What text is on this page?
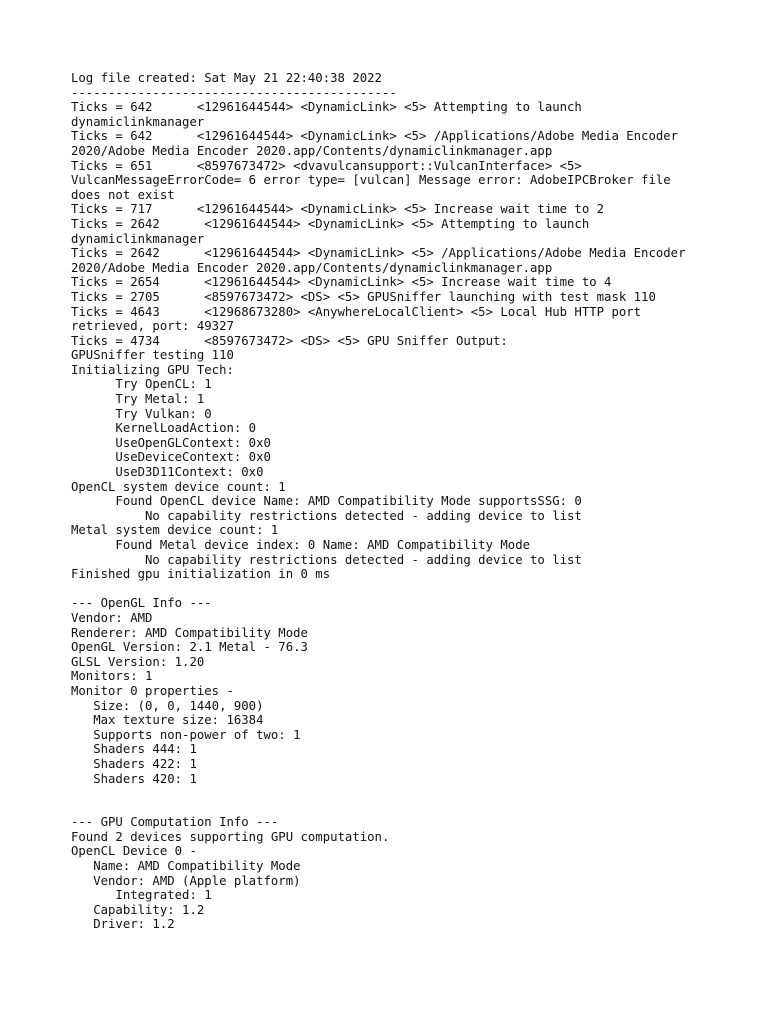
Log file created: Sat May 21 22:40:38 2022
--------------------------------------------
Ticks = 642      <12961644544> <DynamicLink> <5> Attempting to launch
dynamiclinkmanager
Ticks = 642      <12961644544> <DynamicLink> <5> /Applications/Adobe Media Encoder
2020/Adobe Media Encoder 2020.app/Contents/dynamiclinkmanager.app
Ticks = 651      <8597673472> <dvavulcansupport::VulcanInterface> <5>
VulcanMessageErrorCode= 6 error type= [vulcan] Message error: AdobeIPCBroker file
does not exist
Ticks = 717      <12961644544> <DynamicLink> <5> Increase wait time to 2
Ticks = 2642      <12961644544> <DynamicLink> <5> Attempting to launch
dynamiclinkmanager
Ticks = 2642      <12961644544> <DynamicLink> <5> /Applications/Adobe Media Encoder
2020/Adobe Media Encoder 2020.app/Contents/dynamiclinkmanager.app
Ticks = 2654      <12961644544> <DynamicLink> <5> Increase wait time to 4
Ticks = 2705      <8597673472> <DS> <5> GPUSniffer launching with test mask 110
Ticks = 4643      <12968673280> <AnywhereLocalClient> <5> Local Hub HTTP port
retrieved, port: 49327
Ticks = 4734      <8597673472> <DS> <5> GPU Sniffer Output:
GPUSniffer testing 110
Initializing GPU Tech:
Try OpenCL: 1
Try Metal: 1
Try Vulkan: 0
KernelLoadAction: 0
UseOpenGLContext: 0x0
UseDeviceContext: 0x0
UseD3D11Context: 0x0
OpenCL system device count: 1
Found OpenCL device Name: AMD Compatibility Mode supportsSSG: 0
No capability restrictions detected - adding device to list
Metal system device count: 1
Found Metal device index: 0 Name: AMD Compatibility Mode
No capability restrictions detected - adding device to list
Finished gpu initialization in 0 ms
--- OpenGL Info ---
Vendor: AMD
Renderer: AMD Compatibility Mode
OpenGL Version: 2.1 Metal - 76.3
GLSL Version: 1.20
Monitors: 1
Monitor 0 properties -
Size: (0, 0, 1440, 900)
Max texture size: 16384
Supports non-power of two: 1
Shaders 444: 1
Shaders 422: 1
Shaders 420: 1
--- GPU Computation Info ---
Found 2 devices supporting GPU computation.
OpenCL Device 0 -
Name: AMD Compatibility Mode
Vendor: AMD (Apple platform)
Integrated: 1
Capability: 1.2
Driver: 1.2
